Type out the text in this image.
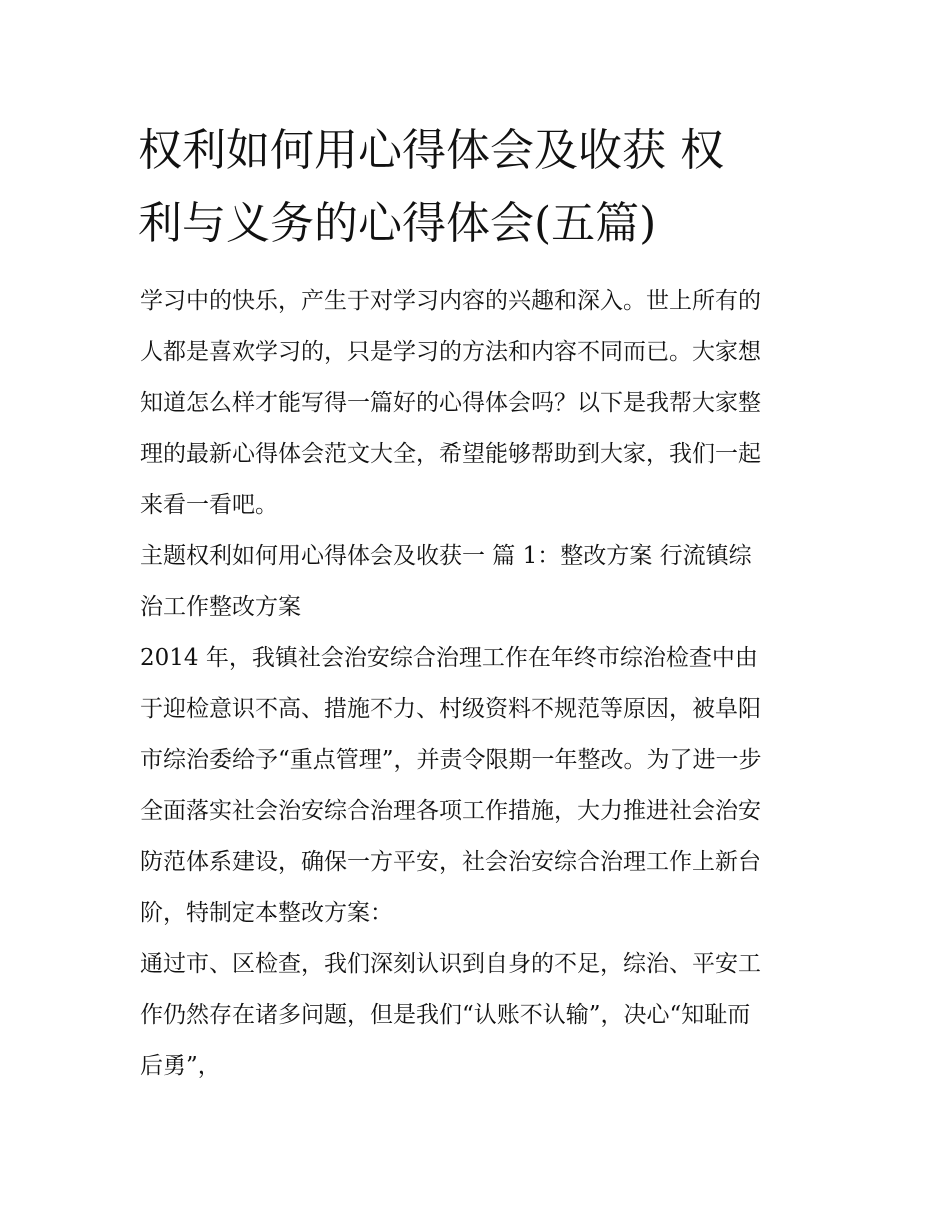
权利如何用心得体会及收获 权
利与义务的心得体会(五篇)
学习中的快乐，产生于对学习内容的兴趣和深入。世上所有的
人都是喜欢学习的，只是学习的方法和内容不同而已。大家想
知道怎么样才能写得一篇好的心得体会吗？以下是我帮大家整
理的最新心得体会范文大全，希望能够帮助到大家，我们一起
来看一看吧。
主题权利如何用心得体会及收获一 篇 1：整改方案 行流镇综
治工作整改方案
2014 年，我镇社会治安综合治理工作在年终市综治检查中由
于迎检意识不高、措施不力、村级资料不规范等原因，被阜阳
市综治委给予“重点管理”，并责令限期一年整改。为了进一步
全面落实社会治安综合治理各项工作措施，大力推进社会治安
防范体系建设，确保一方平安，社会治安综合治理工作上新台
阶，特制定本整改方案：
通过市、区检查，我们深刻认识到自身的不足，综治、平安工
作仍然存在诸多问题，但是我们“认账不认输”，决心“知耻而
后勇”，
